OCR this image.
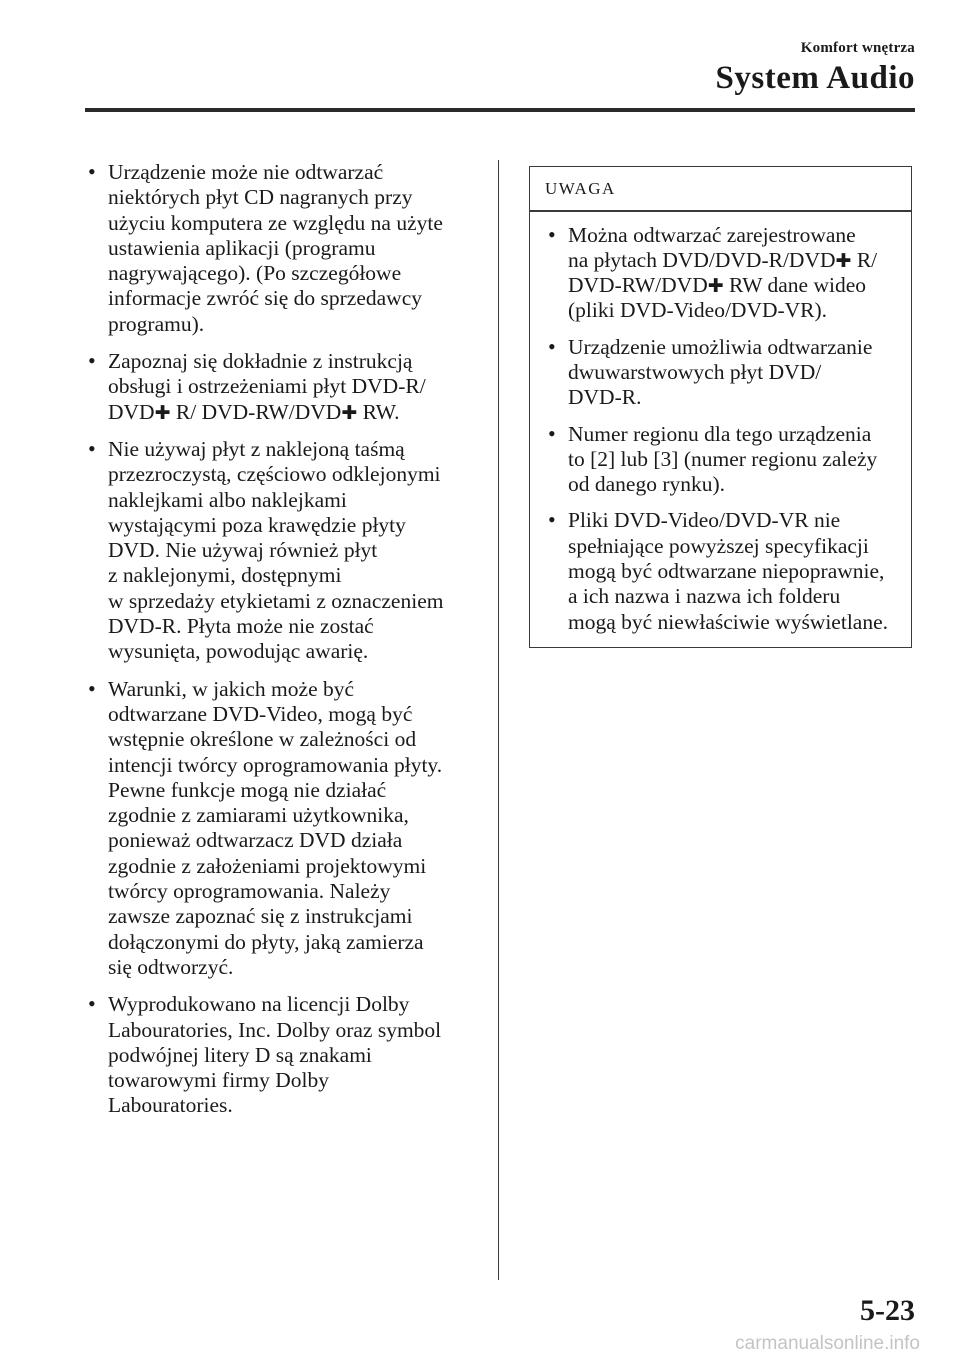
Komfort wnętrza
System Audio
• Urządzenie może nie odtwarzać
niektórych płyt CD nagranych przy
użyciu komputera ze względu na użyte
ustawienia aplikacji (programu
nagrywającego). (Po szczegółowe
informacje zwróć się do sprzedawcy
programu).
• Zapoznaj się dokładnie z instrukcją
obsługi i ostrzeżeniami płyt DVD-R/
DVD✚ R/ DVD-RW/DVD✚ RW.
• Nie używaj płyt z naklejoną taśmą
przezroczystą, częściowo odklejonymi
naklejkami albo naklejkami
wystającymi poza krawędzie płyty
DVD. Nie używaj również płyt
z naklejonymi, dostępnymi
w sprzedaży etykietami z oznaczeniem
DVD-R. Płyta może nie zostać
wysunięta, powodując awarię.
• Warunki, w jakich może być
odtwarzane DVD-Video, mogą być
wstępnie określone w zależności od
intencji twórcy oprogramowania płyty.
Pewne funkcje mogą nie działać
zgodnie z zamiarami użytkownika,
ponieważ odtwarzacz DVD działa
zgodnie z założeniami projektowymi
twórcy oprogramowania. Należy
zawsze zapoznać się z instrukcjami
dołączonymi do płyty, jaką zamierza
się odtworzyć.
• Wyprodukowano na licencji Dolby
Labouratories, Inc. Dolby oraz symbol
podwójnej litery D są znakami
towarowymi firmy Dolby
Labouratories.
UWAGA
• Można odtwarzać zarejestrowane
na płytach DVD/DVD-R/DVD✚ R/
DVD-RW/DVD✚ RW dane wideo
(pliki DVD-Video/DVD-VR).
• Urządzenie umożliwia odtwarzanie
dwuwarstwowych płyt DVD/
DVD-R.
• Numer regionu dla tego urządzenia
to [2] lub [3] (numer regionu zależy
od danego rynku).
• Pliki DVD-Video/DVD-VR nie
spełniające powyższej specyfikacji
mogą być odtwarzane niepoprawnie,
a ich nazwa i nazwa ich folderu
mogą być niewłaściwie wyświetlane.
5-23
carmanualsonline.info
